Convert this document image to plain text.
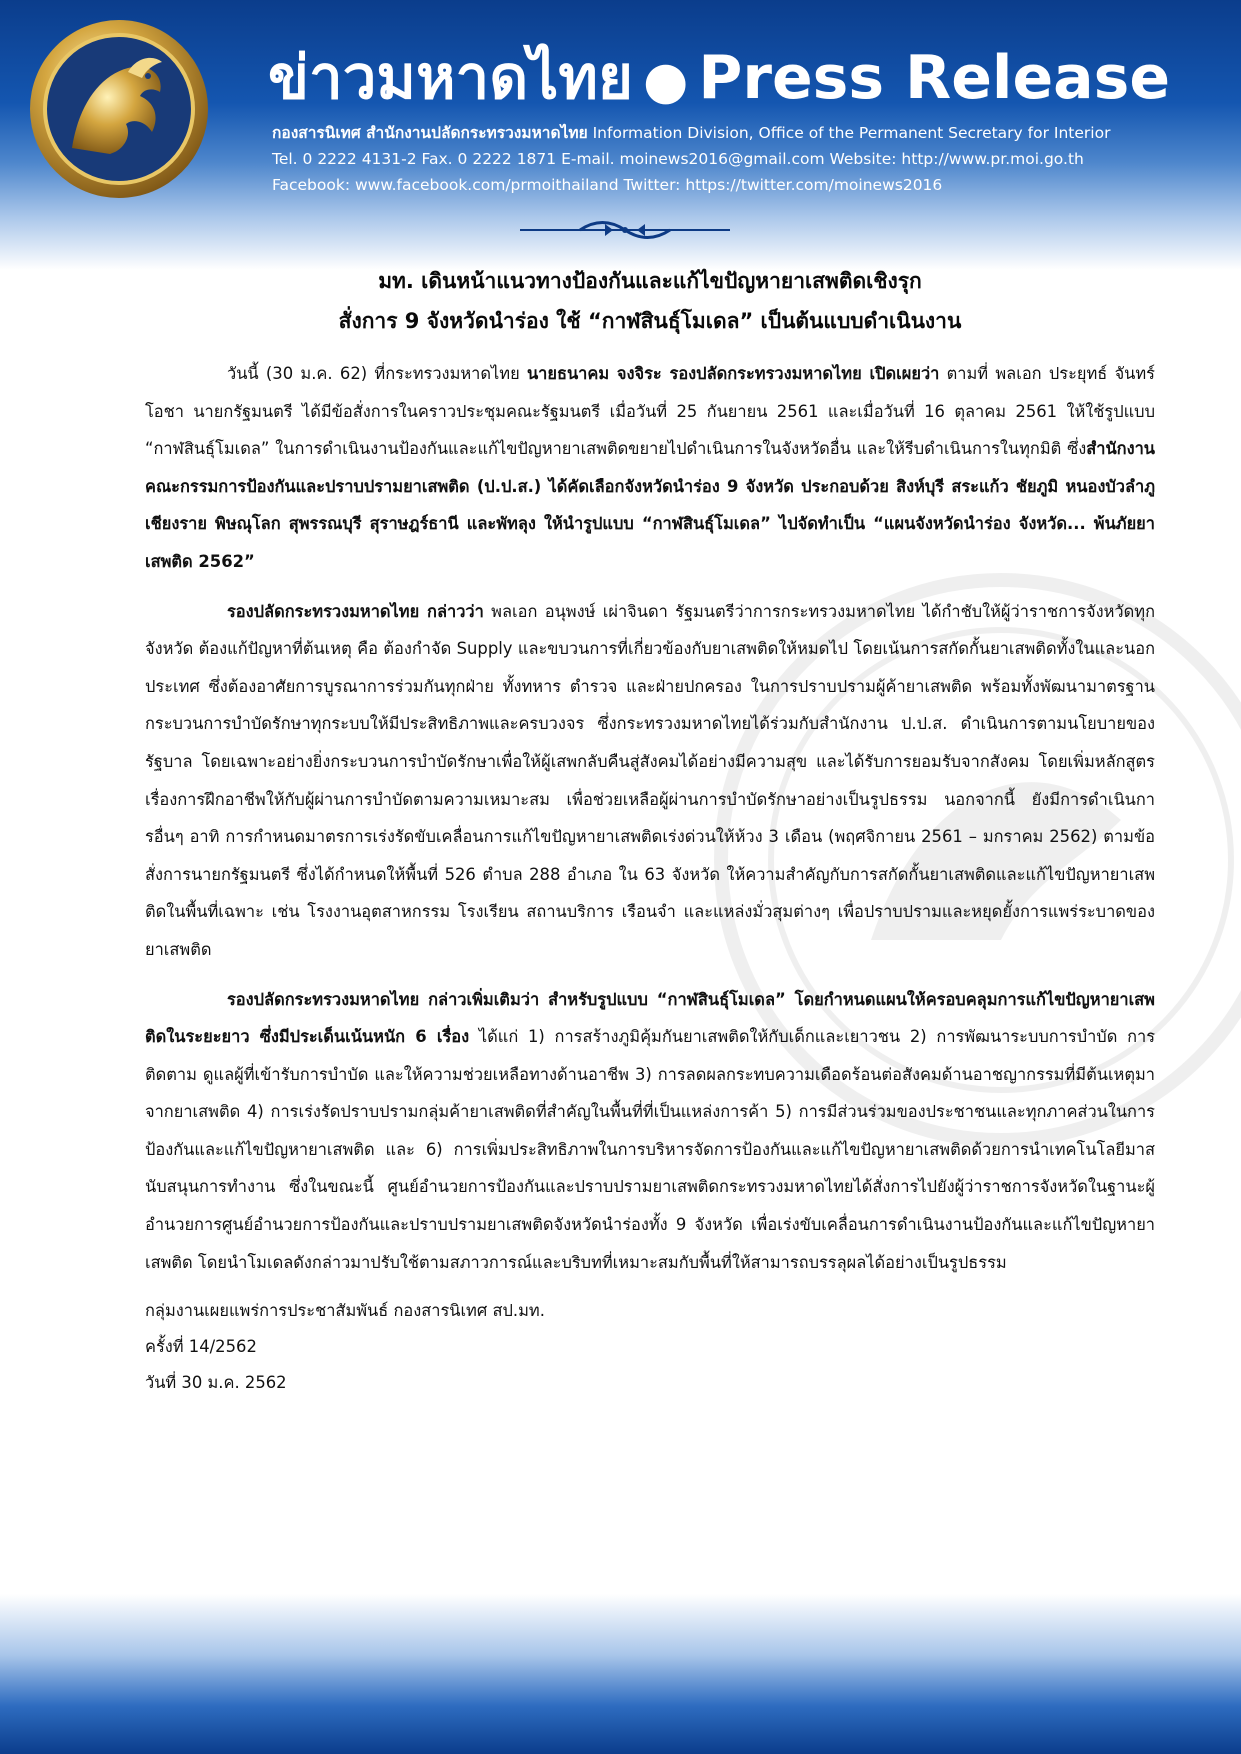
ข่าวมหาดไทย ● Press Release
กองสารนิเทศ สำนักงานปลัดกระทรวงมหาดไทย Information Division, Office of the Permanent Secretary for Interior
Tel. 0 2222 4131-2 Fax. 0 2222 1871 E-mail. moinews2016@gmail.com Website: http://www.pr.moi.go.th
Facebook: www.facebook.com/prmoithailand Twitter: https://twitter.com/moinews2016
มท. เดินหน้าแนวทางป้องกันและแก้ไขปัญหายาเสพติดเชิงรุก
สั่งการ 9 จังหวัดนำร่อง ใช้ “กาฬสินธุ์โมเดล” เป็นต้นแบบดำเนินงาน

วันนี้ (30 ม.ค. 62) ที่กระทรวงมหาดไทย นายธนาคม จงจิระ รองปลัดกระทรวงมหาดไทย เปิดเผยว่า ตามที่ พลเอก ประยุทธ์ จันทร์โอชา นายกรัฐมนตรี ได้มีข้อสั่งการในคราวประชุมคณะรัฐมนตรี เมื่อวันที่ 25 กันยายน 2561 และเมื่อวันที่ 16 ตุลาคม 2561 ให้ใช้รูปแบบ “กาฬสินธุ์โมเดล” ในการดำเนินงานป้องกันและแก้ไขปัญหายาเสพติดขยายไปดำเนินการในจังหวัดอื่น และให้รีบดำเนินการในทุกมิติ ซึ่งสำนักงานคณะกรรมการป้องกันและปราบปรามยาเสพติด (ป.ป.ส.) ได้คัดเลือกจังหวัดนำร่อง 9 จังหวัด ประกอบด้วย สิงห์บุรี สระแก้ว ชัยภูมิ หนองบัวลำภู เชียงราย พิษณุโลก สุพรรณบุรี สุราษฎร์ธานี และพัทลุง ให้นำรูปแบบ “กาฬสินธุ์โมเดล” ไปจัดทำเป็น “แผนจังหวัดนำร่อง จังหวัด... พ้นภัยยาเสพติด 2562”

รองปลัดกระทรวงมหาดไทย กล่าวว่า พลเอก อนุพงษ์ เผ่าจินดา รัฐมนตรีว่าการกระทรวงมหาดไทย ได้กำชับให้ผู้ว่าราชการจังหวัดทุกจังหวัด ต้องแก้ปัญหาที่ต้นเหตุ คือ ต้องกำจัด Supply และขบวนการที่เกี่ยวข้องกับยาเสพติดให้หมดไป โดยเน้นการสกัดกั้นยาเสพติดทั้งในและนอกประเทศ ซึ่งต้องอาศัยการบูรณาการร่วมกันทุกฝ่าย ทั้งทหาร ตำรวจ และฝ่ายปกครอง ในการปราบปรามผู้ค้ายาเสพติด พร้อมทั้งพัฒนามาตรฐานกระบวนการบำบัดรักษาทุกระบบให้มีประสิทธิภาพและครบวงจร ซึ่งกระทรวงมหาดไทยได้ร่วมกับสำนักงาน ป.ป.ส. ดำเนินการตามนโยบายของรัฐบาล โดยเฉพาะอย่างยิ่งกระบวนการบำบัดรักษาเพื่อให้ผู้เสพกลับคืนสู่สังคมได้อย่างมีความสุข และได้รับการยอมรับจากสังคม โดยเพิ่มหลักสูตรเรื่องการฝึกอาชีพให้กับผู้ผ่านการบำบัดตามความเหมาะสม เพื่อช่วยเหลือผู้ผ่านการบำบัดรักษาอย่างเป็นรูปธรรม นอกจากนี้ ยังมีการดำเนินการอื่นๆ อาทิ การกำหนดมาตรการเร่งรัดขับเคลื่อนการแก้ไขปัญหายาเสพติดเร่งด่วนให้ห้วง 3 เดือน (พฤศจิกายน 2561 – มกราคม 2562) ตามข้อสั่งการนายกรัฐมนตรี ซึ่งได้กำหนดให้พื้นที่ 526 ตำบล 288 อำเภอ ใน 63 จังหวัด ให้ความสำคัญกับการสกัดกั้นยาเสพติดและแก้ไขปัญหายาเสพติดในพื้นที่เฉพาะ เช่น โรงงานอุตสาหกรรม โรงเรียน สถานบริการ เรือนจำ และแหล่งมั่วสุมต่างๆ เพื่อปราบปรามและหยุดยั้งการแพร่ระบาดของยาเสพติด

รองปลัดกระทรวงมหาดไทย กล่าวเพิ่มเติมว่า สำหรับรูปแบบ “กาฬสินธุ์โมเดล” โดยกำหนดแผนให้ครอบคลุมการแก้ไขปัญหายาเสพติดในระยะยาว ซึ่งมีประเด็นเน้นหนัก 6 เรื่อง ได้แก่ 1) การสร้างภูมิคุ้มกันยาเสพติดให้กับเด็กและเยาวชน 2) การพัฒนาระบบการบำบัด การติดตาม ดูแลผู้ที่เข้ารับการบำบัด และให้ความช่วยเหลือทางด้านอาชีพ 3) การลดผลกระทบความเดือดร้อนต่อสังคมด้านอาชญากรรมที่มีต้นเหตุมาจากยาเสพติด 4) การเร่งรัดปราบปรามกลุ่มค้ายาเสพติดที่สำคัญในพื้นที่ที่เป็นแหล่งการค้า 5) การมีส่วนร่วมของประชาชนและทุกภาคส่วนในการป้องกันและแก้ไขปัญหายาเสพติด และ 6) การเพิ่มประสิทธิภาพในการบริหารจัดการป้องกันและแก้ไขปัญหายาเสพติดด้วยการนำเทคโนโลยีมาสนับสนุนการทำงาน ซึ่งในขณะนี้ ศูนย์อำนวยการป้องกันและปราบปรามยาเสพติดกระทรวงมหาดไทยได้สั่งการไปยังผู้ว่าราชการจังหวัดในฐานะผู้อำนวยการศูนย์อำนวยการป้องกันและปราบปรามยาเสพติดจังหวัดนำร่องทั้ง 9 จังหวัด เพื่อเร่งขับเคลื่อนการดำเนินงานป้องกันและแก้ไขปัญหายาเสพติด โดยนำโมเดลดังกล่าวมาปรับใช้ตามสภาวการณ์และบริบทที่เหมาะสมกับพื้นที่ให้สามารถบรรลุผลได้อย่างเป็นรูปธรรม

กลุ่มงานเผยแพร่การประชาสัมพันธ์ กองสารนิเทศ สป.มท.
ครั้งที่ 14/2562
วันที่ 30 ม.ค. 2562
